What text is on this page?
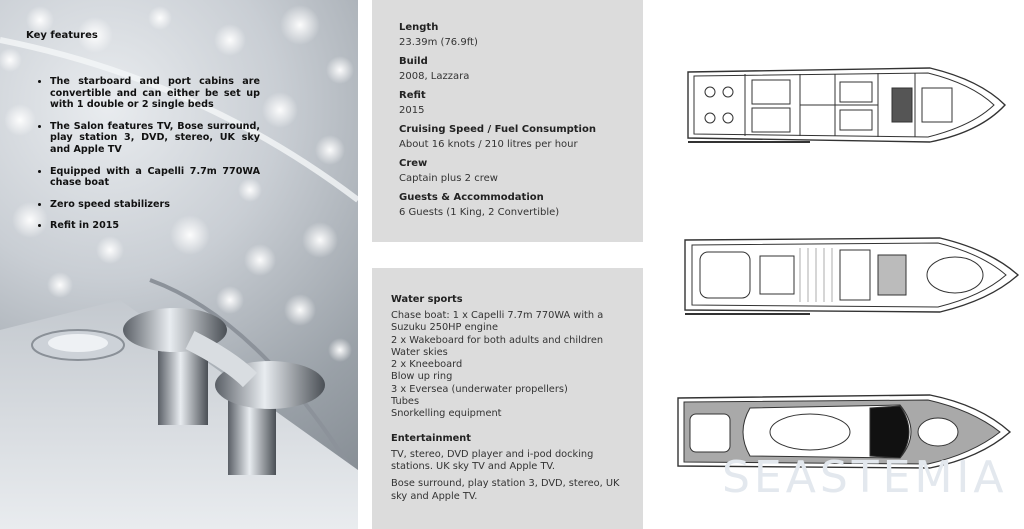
Key features

• The starboard and port cabins are convertible and can either be set up with 1 double or 2 single beds
• The Salon features TV, Bose surround, play station 3, DVD, stereo, UK sky and Apple TV
• Equipped with a Capelli 7.7m 770WA chase boat
• Zero speed stabilizers
• Refit in 2015

Length

23.39m (76.9ft)

Build

2008, Lazzara

Refit

2015

Cruising Speed / Fuel Consumption

About 16 knots / 210 litres per hour

Crew

Captain plus 2 crew

Guests & Accommodation

6 Guests (1 King, 2 Convertible)

Water sports

Chase boat: 1 x Capelli 7.7m 770WA with a

Suzuku 250HP engine

2 x Wakeboard for both adults and children

Water skies

2 x Kneeboard

Blow up ring

3 x Eversea (underwater propellers)

Tubes

Snorkelling equipment

Entertainment

TV, stereo, DVD player and i-pod docking stations. UK sky TV and Apple TV.

Bose surround, play station 3, DVD, stereo, UK sky and Apple TV.	SEASTEMIA
